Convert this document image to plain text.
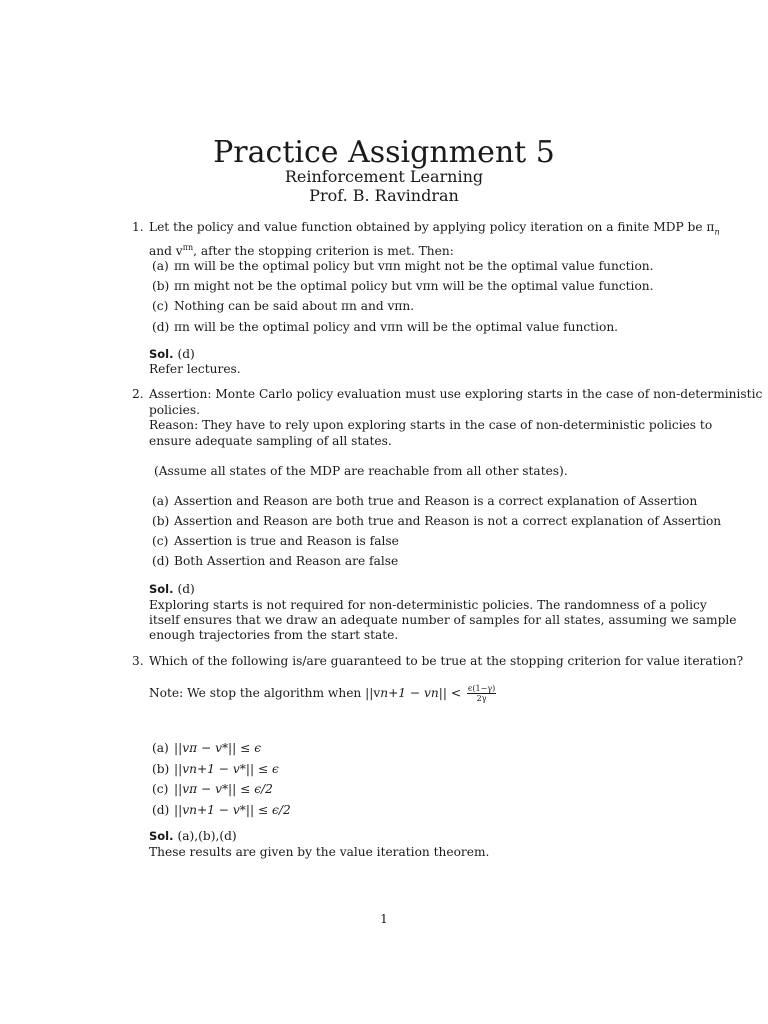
Practice Assignment 5
Reinforcement Learning
Prof. B. Ravindran
1. Let the policy and value function obtained by applying policy iteration on a finite MDP be $\pi_n$
and $v^{\pi n}$, after the stopping criterion is met. Then:
(a) πn will be the optimal policy but vπn might not be the optimal value function.
(b) πn might not be the optimal policy but vπn will be the optimal value function.
(c) Nothing can be said about πn and vπn.
(d) πn will be the optimal policy and vπn will be the optimal value function.
Sol. (d)
Refer lectures.
2. Assertion: Monte Carlo policy evaluation must use exploring starts in the case of non-deterministic
policies.
Reason: They have to rely upon exploring starts in the case of non-deterministic policies to
ensure adequate sampling of all states.
(Assume all states of the MDP are reachable from all other states).
(a) Assertion and Reason are both true and Reason is a correct explanation of Assertion
(b) Assertion and Reason are both true and Reason is not a correct explanation of Assertion
(c) Assertion is true and Reason is false
(d) Both Assertion and Reason are false
Sol. (d)
Exploring starts is not required for non-deterministic policies. The randomness of a policy
itself ensures that we draw an adequate number of samples for all states, assuming we sample
enough trajectories from the start state.
3. Which of the following is/are guaranteed to be true at the stopping criterion for value iteration?
Note: We stop the algorithm when $||vn+1 - vn|| < \frac{\epsilon(1-\gamma)}{2\gamma}$
(a) ||vπ − v*|| ≤ ϵ
(b) ||vn+1 − v*|| ≤ ϵ
(c) ||vπ − v*|| ≤ ϵ/2
(d) ||vn+1 − v*|| ≤ ϵ/2
Sol. (a),(b),(d)
These results are given by the value iteration theorem.
1
